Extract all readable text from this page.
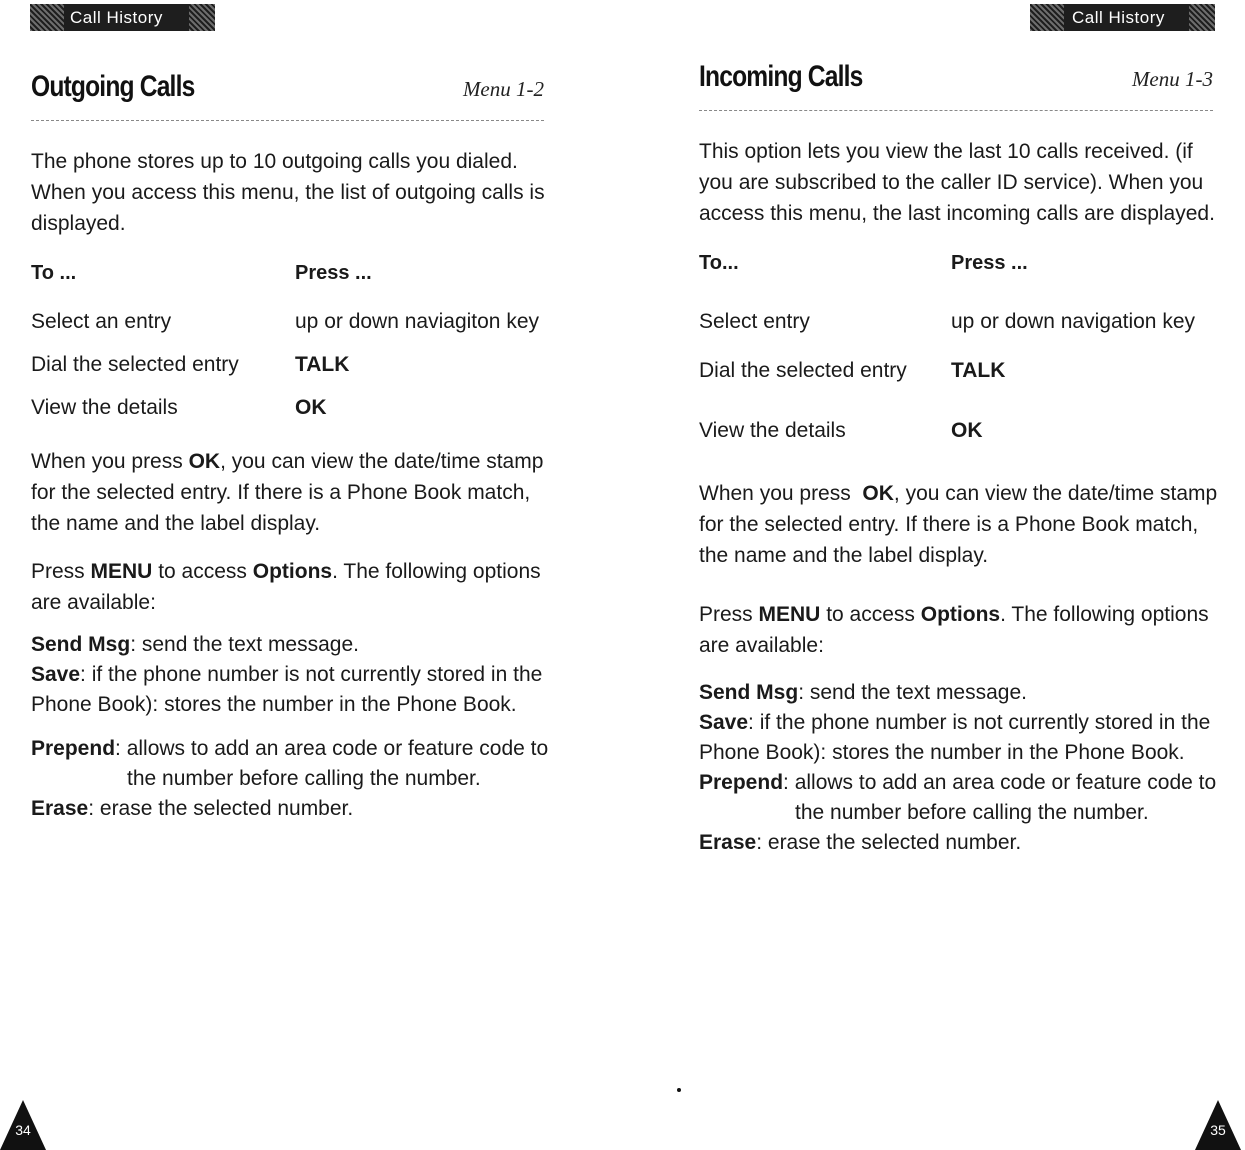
Call History
Outgoing Calls	Menu 1-2

The phone stores up to 10 outgoing calls you dialed. When you access this menu, the list of outgoing calls is displayed.

To ...	Press ...
Select an entry	up or down naviagiton key
Dial the selected entry	TALK
View the details	OK

When you press OK, you can view the date/time stamp for the selected entry. If there is a Phone Book match, the name and the label display.

Press MENU to access Options. The following options are available:

Send Msg: send the text message.
Save: if the phone number is not currently stored in the
Phone Book): stores the number in the Phone Book.
Prepend: allows to add an area code or feature code to
the number before calling the number.
Erase: erase the selected number.
34
Call History
Incoming Calls	Menu 1-3

This option lets you view the last 10 calls received. (if you are subscribed to the caller ID service). When you access this menu, the last incoming calls are displayed.

To...	Press ...
Select entry	up or down navigation key
Dial the selected entry	TALK
View the details	OK

When you press  OK, you can view the date/time stamp for the selected entry. If there is a Phone Book match, the name and the label display.

Press MENU to access Options. The following options are available:

Send Msg: send the text message.
Save: if the phone number is not currently stored in the
Phone Book): stores the number in the Phone Book.
Prepend: allows to add an area code or feature code to
the number before calling the number.
Erase: erase the selected number.
35
